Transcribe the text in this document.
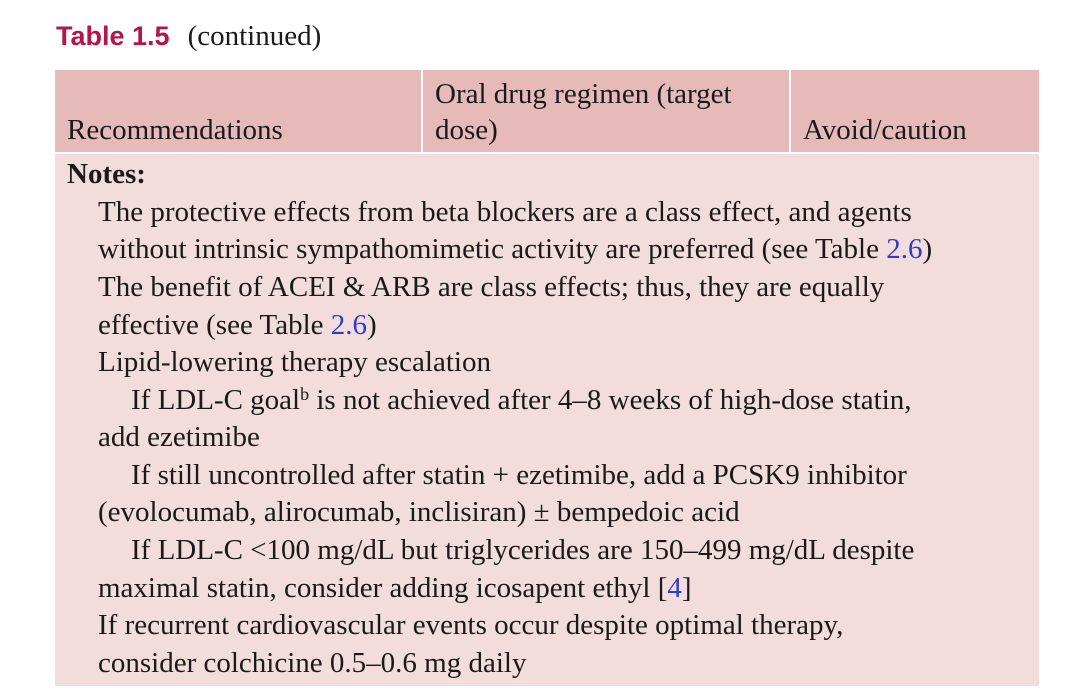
Table 1.5 (continued)
Recommendations
Oral drug regimen (target
dose)	Avoid/caution
Notes:
The protective effects from beta blockers are a class effect, and agents
without intrinsic sympathomimetic activity are preferred (see Table 2.6)
The benefit of ACEI & ARB are class effects; thus, they are equally
effective (see Table 2.6)
Lipid-lowering therapy escalation
If LDL-C goal$^b$ is not achieved after 4–8 weeks of high-dose statin,
add ezetimibe
If still uncontrolled after statin + ezetimibe, add a PCSK9 inhibitor
(evolocumab, alirocumab, inclisiran) ± bempedoic acid
If LDL-C <100 mg/dL but triglycerides are 150–499 mg/dL despite
maximal statin, consider adding icosapent ethyl [4]
If recurrent cardiovascular events occur despite optimal therapy,
consider colchicine 0.5–0.6 mg daily
